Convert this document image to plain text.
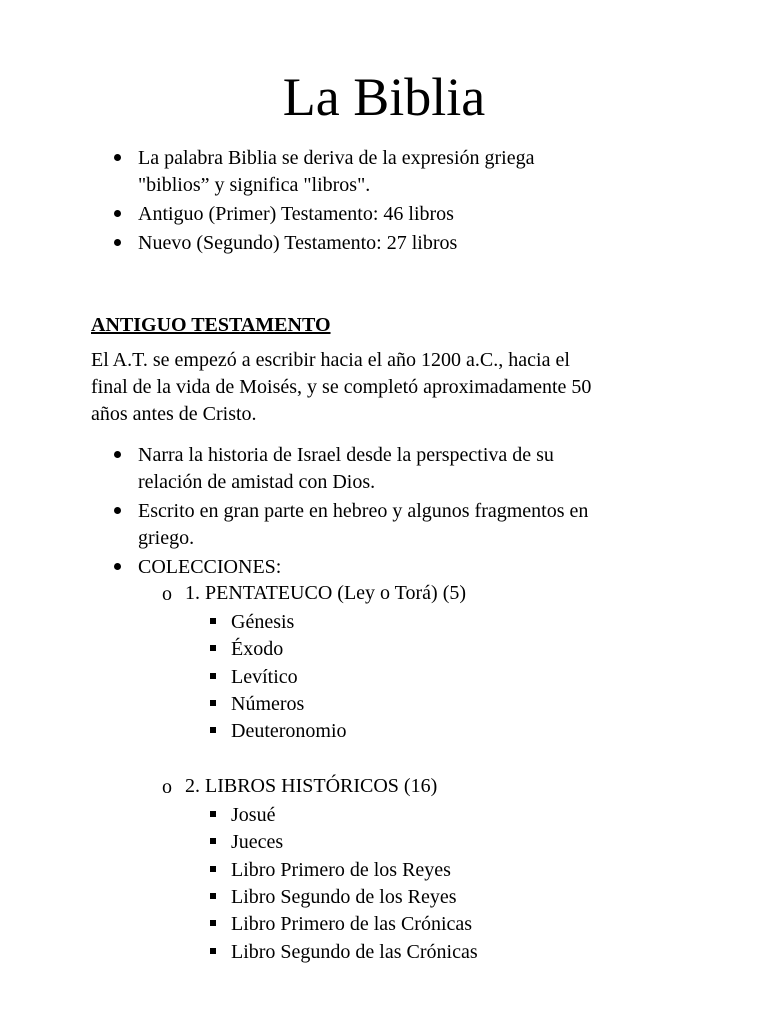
La Biblia
La palabra Biblia se deriva de la expresión griega
"biblios” y significa "libros".
Antiguo (Primer) Testamento: 46 libros
Nuevo (Segundo) Testamento: 27 libros
ANTIGUO TESTAMENTO
El A.T. se empezó a escribir hacia el año 1200 a.C., hacia el
final de la vida de Moisés, y se completó aproximadamente 50
años antes de Cristo.
Narra la historia de Israel desde la perspectiva de su
relación de amistad con Dios.
Escrito en gran parte en hebreo y algunos fragmentos en
griego.
COLECCIONES:
o 1. PENTATEUCO (Ley o Torá) (5)
Génesis
Éxodo
Levítico
Números
Deuteronomio
o 2. LIBROS HISTÓRICOS (16)
Josué
Jueces
Libro Primero de los Reyes
Libro Segundo de los Reyes
Libro Primero de las Crónicas
Libro Segundo de las Crónicas
